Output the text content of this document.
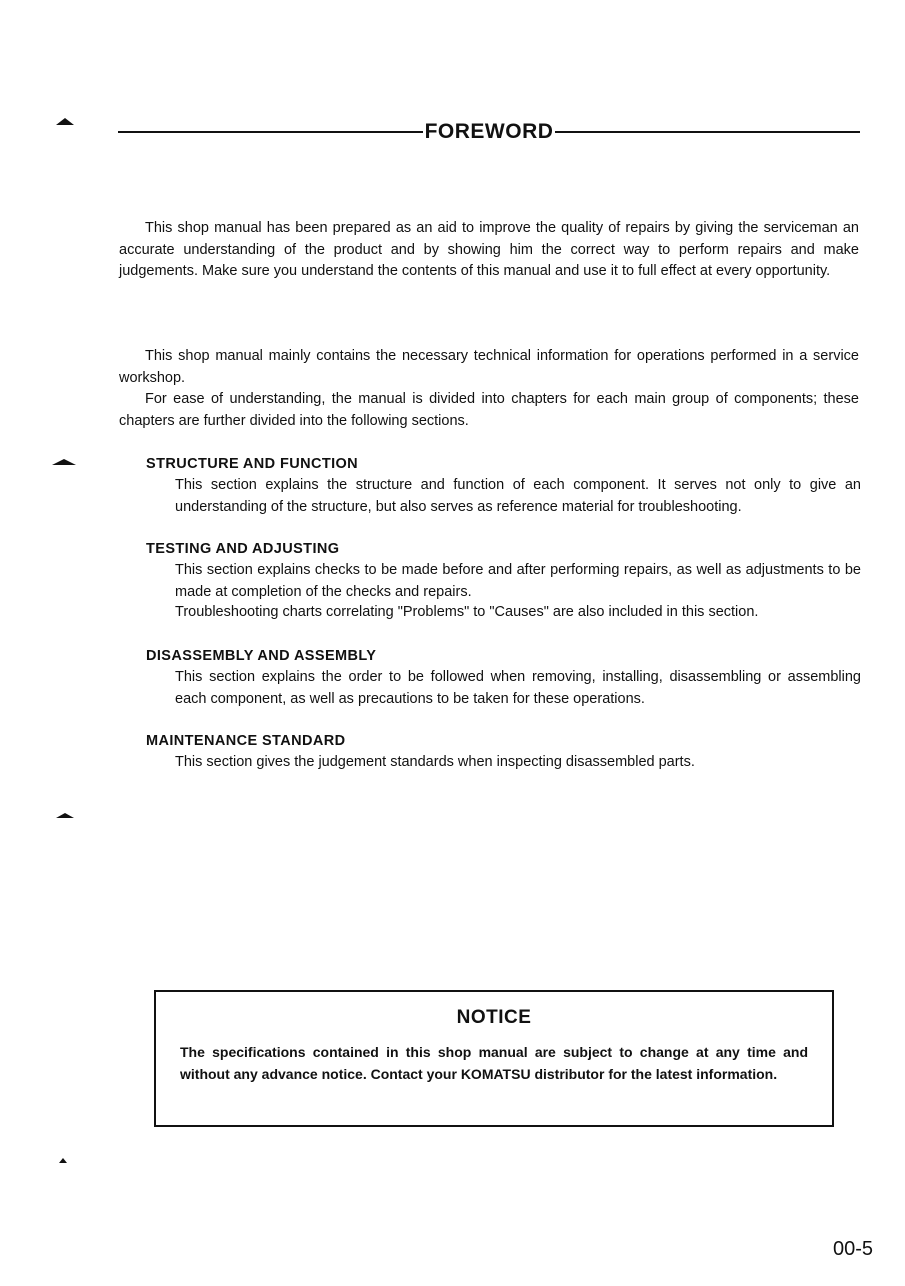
FOREWORD

This shop manual has been prepared as an aid to improve the quality of repairs by giving the serviceman an accurate understanding of the product and by showing him the correct way to perform repairs and make judgements. Make sure you understand the contents of this manual and use it to full effect at every opportunity.

This shop manual mainly contains the necessary technical information for operations performed in a service workshop.

For ease of understanding, the manual is divided into chapters for each main group of components; these chapters are further divided into the following sections.

STRUCTURE AND FUNCTION

This section explains the structure and function of each component. It serves not only to give an understanding of the structure, but also serves as reference material for troubleshooting.

TESTING AND ADJUSTING

This section explains checks to be made before and after performing repairs, as well as adjustments to be made at completion of the checks and repairs.

Troubleshooting charts correlating "Problems" to "Causes" are also included in this section.

DISASSEMBLY AND ASSEMBLY

This section explains the order to be followed when removing, installing, disassembling or assembling each component, as well as precautions to be taken for these operations.

MAINTENANCE STANDARD

This section gives the judgement standards when inspecting disassembled parts.

NOTICE
The specifications contained in this shop manual are subject to change at any time and without any advance notice. Contact your KOMATSU distributor for the latest information.
00-5
